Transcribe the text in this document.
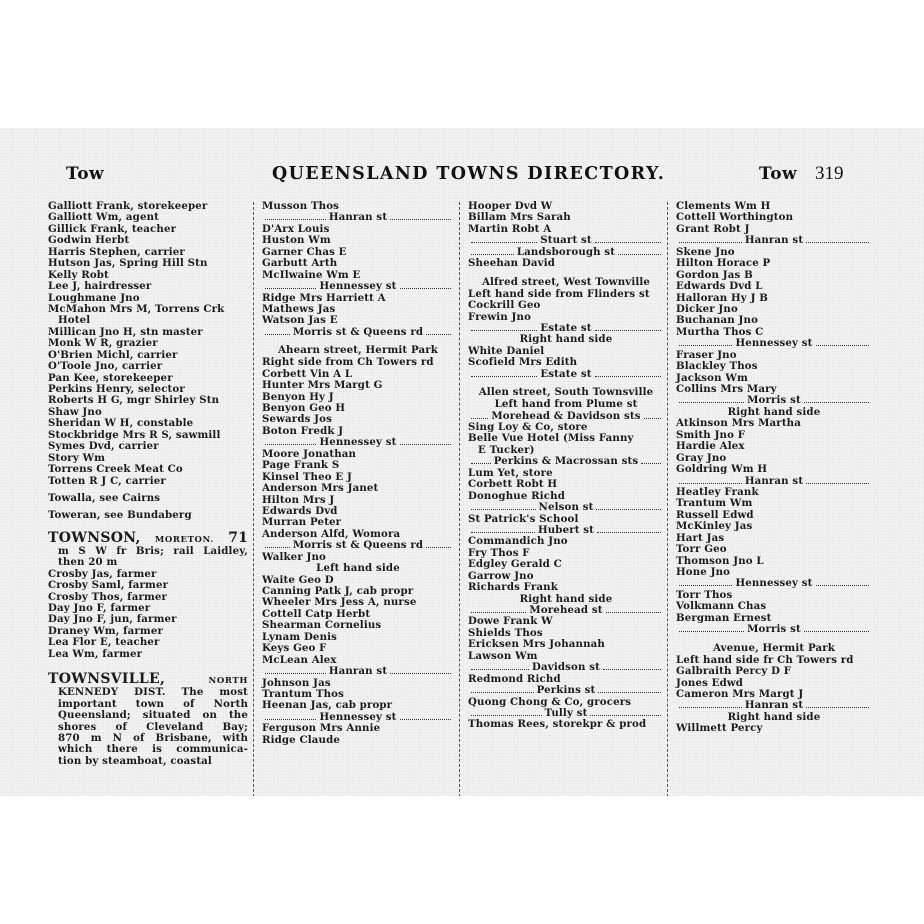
Tow	QUEENSLAND TOWNS DIRECTORY.	Tow 319
Galliott Frank, storekeeper
Galliott Wm, agent
Gillick Frank, teacher
Godwin Herbt
Harris Stephen, carrier
Hutson Jas, Spring Hill Stn
Kelly Robt
Lee J, hairdresser
Loughmane Jno
McMahon Mrs M, Torrens Crk
Hotel
Millican Jno H, stn master
Monk W R, grazier
O'Brien Michl, carrier
O'Toole Jno, carrier
Pan Kee, storekeeper
Perkins Henry, selector
Roberts H G, mgr Shirley Stn
Shaw Jno
Sheridan W H, constable
Stockbridge Mrs R S, sawmill
Symes Dvd, carrier
Story Wm
Torrens Creek Meat Co
Totten R J C, carrier
Towalla, see Cairns
Toweran, see Bundaberg
TOWNSON, MORETON. 71
m S W fr Bris; rail Laidley,
then 20 m
Crosby Jas, farmer
Crosby Saml, farmer
Crosby Thos, farmer
Day Jno F, farmer
Day Jno F, jun, farmer
Draney Wm, farmer
Lea Flor E, teacher
Lea Wm, farmer
TOWNSVILLE,	NORTH
KENNEDY DIST. The most
important town of North
Queensland; situated on the
shores of Cleveland Bay;
870 m N of Brisbane, with
which there is communica-
tion by steamboat, coastal
Musson Thos
Hanran st
D'Arx Louis
Huston Wm
Garner Chas E
Garbutt Arth
McIlwaine Wm E
Hennessey st
Ridge Mrs Harriett A
Mathews Jas
Watson Jas E
Morris st & Queens rd
Ahearn street, Hermit Park
Right side from Ch Towers rd
Corbett Vin A L
Hunter Mrs Margt G
Benyon Hy J
Benyon Geo H
Sewards Jos
Boton Fredk J
Hennessey st
Moore Jonathan
Page Frank S
Kinsel Theo E J
Anderson Mrs Janet
Hilton Mrs J
Edwards Dvd
Murran Peter
Anderson Alfd, Womora
Morris st & Queens rd
Walker Jno
Left hand side
Waite Geo D
Canning Patk J, cab propr
Wheeler Mrs Jess A, nurse
Cottell Catp Herbt
Shearman Cornelius
Lynam Denis
Keys Geo F
McLean Alex
Hanran st
Johnson Jas
Trantum Thos
Heenan Jas, cab propr
Hennessey st
Ferguson Mrs Annie
Ridge Claude
Hooper Dvd W
Billam Mrs Sarah
Martin Robt A
Stuart st
Landsborough st
Sheehan David
Alfred street, West Townville
Left hand side from Flinders st
Cockrill Geo
Frewin Jno
Estate st
Right hand side
White Daniel
Scofield Mrs Edith
Estate st
Allen street, South Townsville
Left hand from Plume st
Morehead & Davidson sts
Sing Loy & Co, store
Belle Vue Hotel (Miss Fanny
E Tucker)
Perkins & Macrossan sts
Lum Yet, store
Corbett Robt H
Donoghue Richd
Nelson st
St Patrick's School
Hubert st
Commandich Jno
Fry Thos F
Edgley Gerald C
Garrow Jno
Richards Frank
Right hand side
Morehead st
Dowe Frank W
Shields Thos
Ericksen Mrs Johannah
Lawson Wm
Davidson st
Redmond Richd
Perkins st
Quong Chong & Co, grocers
Tully st
Thomas Rees, storekpr & prod
Clements Wm H
Cottell Worthington
Grant Robt J
Hanran st
Skene Jno
Hilton Horace P
Gordon Jas B
Edwards Dvd L
Halloran Hy J B
Dicker Jno
Buchanan Jno
Murtha Thos C
Hennessey st
Fraser Jno
Blackley Thos
Jackson Wm
Collins Mrs Mary
Morris st
Right hand side
Atkinson Mrs Martha
Smith Jno F
Hardie Alex
Gray Jno
Goldring Wm H
Hanran st
Heatley Frank
Trantum Wm
Russell Edwd
McKinley Jas
Hart Jas
Torr Geo
Thomson Jno L
Hone Jno
Hennessey st
Torr Thos
Volkmann Chas
Bergman Ernest
Morris st
Avenue, Hermit Park
Left hand side fr Ch Towers rd
Galbraith Percy D F
Jones Edwd
Cameron Mrs Margt J
Hanran st
Right hand side
Willmett Percy
